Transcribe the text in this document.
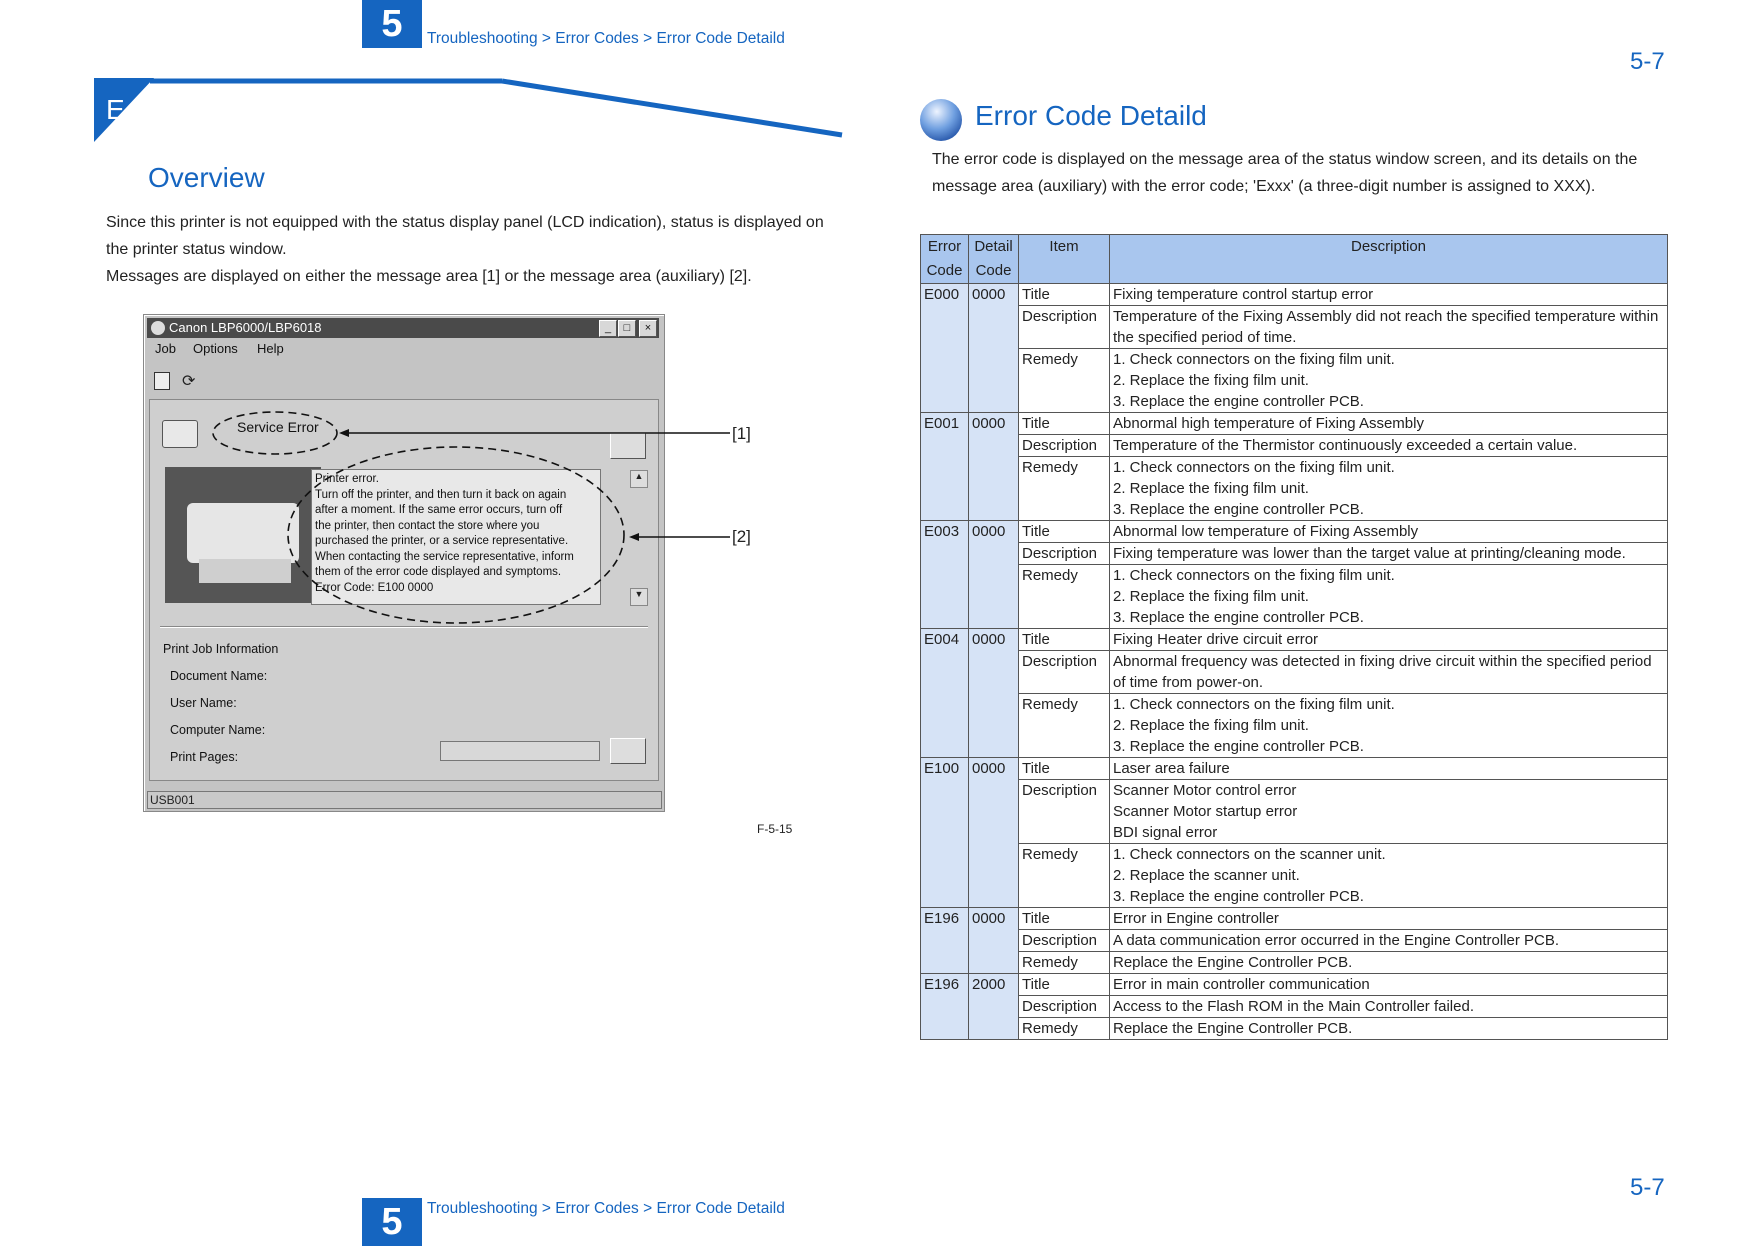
5	Troubleshooting > Error Codes > Error Code Detaild
5-7
E
Overview
Since this printer is not equipped with the status display panel (LCD indication), status is displayed on the printer status window.
Messages are displayed on either the message area [1] or the message area (auxiliary) [2].
Canon LBP6000/LBP6018	_	□	×
Job Options Help
⟳
Service Error
▲
▼
Print Job Information
Document Name:
User Name:
Computer Name:
Print Pages:
Printer error.
Turn off the printer, and then turn it back on again after a moment. If the same error occurs, turn off the printer, then contact the store where you purchased the printer, or a service representative. When contacting the service representative, inform them of the error code displayed and symptoms.
Error Code: E100 0000
USB001
[1]
[2]
F-5-15
Error Code Detaild
The error code is displayed on the message area of the status window screen, and its details on the message area (auxiliary) with the error code; 'Exxx' (a three-digit number is assigned to XXX).
Error Code	Detail Code	Item	Description
E000	0000	Title	Fixing temperature control startup error
		Description	Temperature of the Fixing Assembly did not reach the specified temperature within the specified period of time.
		Remedy	1. Check connectors on the fixing film unit.
2. Replace the fixing film unit.
3. Replace the engine controller PCB.
E001	0000	Title	Abnormal high temperature of Fixing Assembly
		Description	Temperature of the Thermistor continuously exceeded a certain value.
		Remedy	1. Check connectors on the fixing film unit.
2. Replace the fixing film unit.
3. Replace the engine controller PCB.
E003	0000	Title	Abnormal low temperature of Fixing Assembly
		Description	Fixing temperature was lower than the target value at printing/cleaning mode.
		Remedy	1. Check connectors on the fixing film unit.
2. Replace the fixing film unit.
3. Replace the engine controller PCB.
E004	0000	Title	Fixing Heater drive circuit error
		Description	Abnormal frequency was detected in fixing drive circuit within the specified period of time from power-on.
		Remedy	1. Check connectors on the fixing film unit.
2. Replace the fixing film unit.
3. Replace the engine controller PCB.
E100	0000	Title	Laser area failure
		Description	Scanner Motor control error
Scanner Motor startup error
BDI signal error
		Remedy	1. Check connectors on the scanner unit.
2. Replace the scanner unit.
3. Replace the engine controller PCB.
E196	0000	Title	Error in Engine controller
		Description	A data communication error occurred in the Engine Controller PCB.
		Remedy	Replace the Engine Controller PCB.
E196	2000	Title	Error in main controller communication
		Description	Access to the Flash ROM in the Main Controller failed.
		Remedy	Replace the Engine Controller PCB.
5	Troubleshooting > Error Codes > Error Code Detaild
5-7
